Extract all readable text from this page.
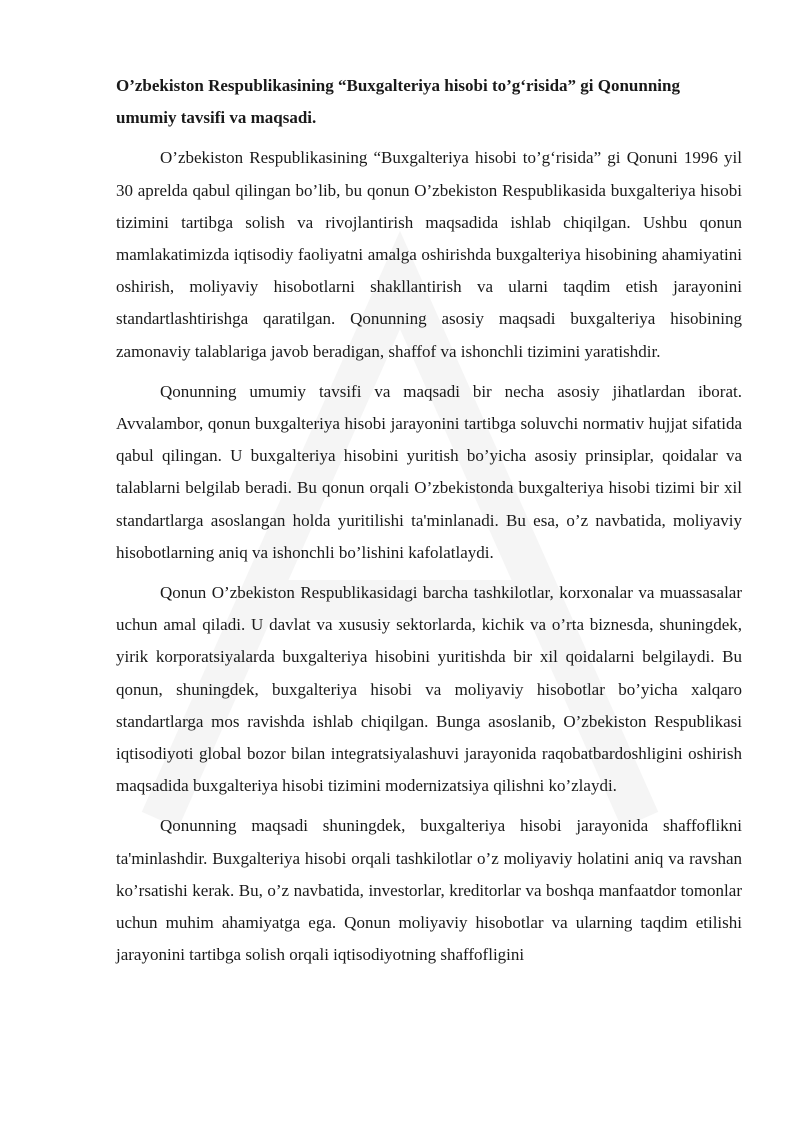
O’zbekiston Respublikasining “Buxgalteriya hisobi to’g‘risida” gi Qonunning umumiy tavsifi va maqsadi.

O’zbekiston Respublikasining “Buxgalteriya hisobi to’g‘risida” gi Qonuni 1996 yil 30 aprelda qabul qilingan bo’lib, bu qonun O’zbekiston Respublikasida buxgalteriya hisobi tizimini tartibga solish va rivojlantirish maqsadida ishlab chiqilgan. Ushbu qonun mamlakatimizda iqtisodiy faoliyatni amalga oshirishda buxgalteriya hisobining ahamiyatini oshirish, moliyaviy hisobotlarni shakllantirish va ularni taqdim etish jarayonini standartlashtirishga qaratilgan. Qonunning asosiy maqsadi buxgalteriya hisobining zamonaviy talablariga javob beradigan, shaffof va ishonchli tizimini yaratishdir.

Qonunning umumiy tavsifi va maqsadi bir necha asosiy jihatlardan iborat. Avvalambor, qonun buxgalteriya hisobi jarayonini tartibga soluvchi normativ hujjat sifatida qabul qilingan. U buxgalteriya hisobini yuritish bo’yicha asosiy prinsiplar, qoidalar va talablarni belgilab beradi. Bu qonun orqali O’zbekistonda buxgalteriya hisobi tizimi bir xil standartlarga asoslangan holda yuritilishi ta'minlanadi. Bu esa, o’z navbatida, moliyaviy hisobotlarning aniq va ishonchli bo’lishini kafolatlaydi.

Qonun O’zbekiston Respublikasidagi barcha tashkilotlar, korxonalar va muassasalar uchun amal qiladi. U davlat va xususiy sektorlarda, kichik va o’rta biznesda, shuningdek, yirik korporatsiyalarda buxgalteriya hisobini yuritishda bir xil qoidalarni belgilaydi. Bu qonun, shuningdek, buxgalteriya hisobi va moliyaviy hisobotlar bo’yicha xalqaro standartlarga mos ravishda ishlab chiqilgan. Bunga asoslanib, O’zbekiston Respublikasi iqtisodiyoti global bozor bilan integratsiyalashuvi jarayonida raqobatbardoshligini oshirish maqsadida buxgalteriya hisobi tizimini modernizatsiya qilishni ko’zlaydi.

Qonunning maqsadi shuningdek, buxgalteriya hisobi jarayonida shaffoflikni ta'minlashdir. Buxgalteriya hisobi orqali tashkilotlar o’z moliyaviy holatini aniq va ravshan ko’rsatishi kerak. Bu, o’z navbatida, investorlar, kreditorlar va boshqa manfaatdor tomonlar uchun muhim ahamiyatga ega. Qonun moliyaviy hisobotlar va ularning taqdim etilishi jarayonini tartibga solish orqali iqtisodiyotning shaffofligini
